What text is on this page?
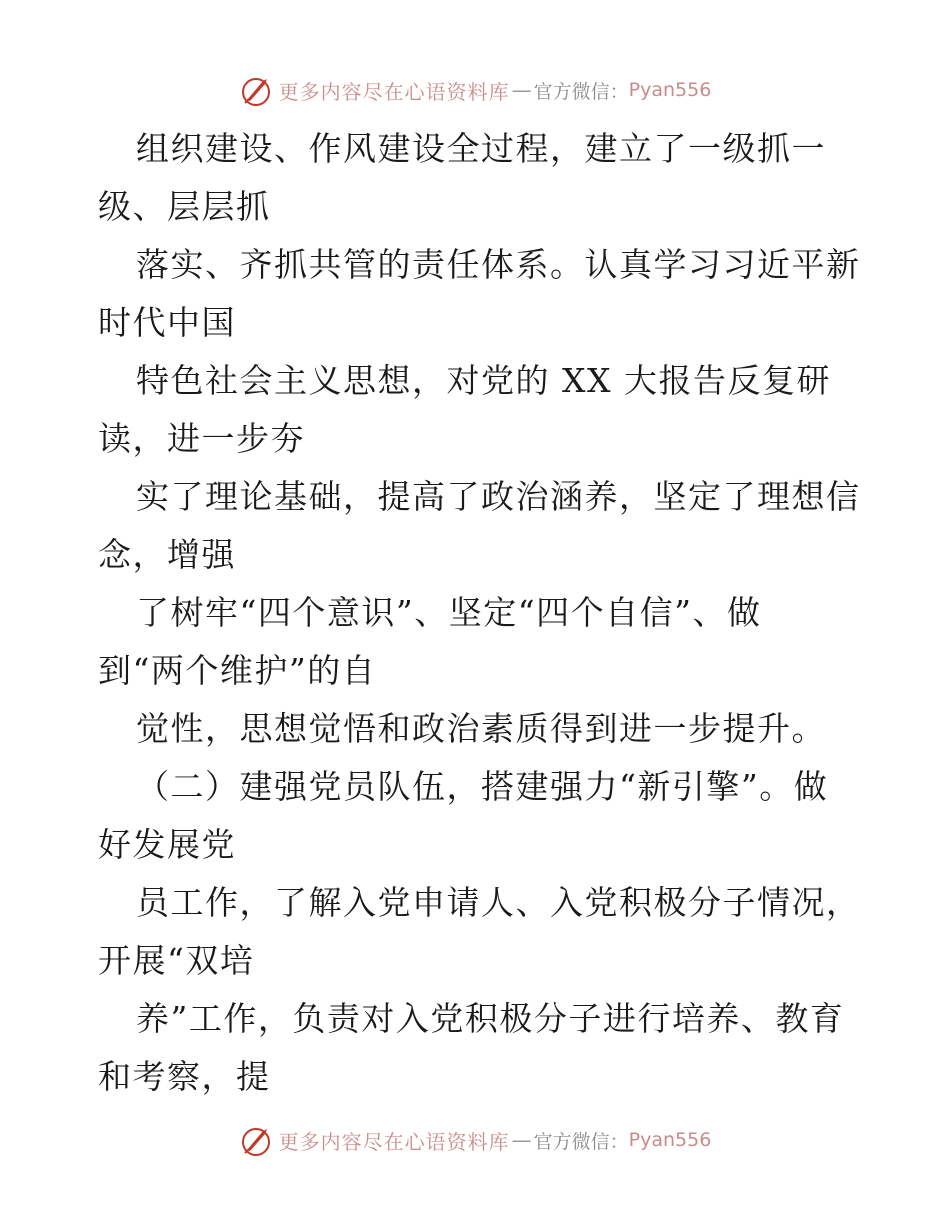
更多内容尽在心语资料库 — 官方微信： Pyan556
组织建设、作风建设全过程，建立了一级抓一
级、层层抓
落实、齐抓共管的责任体系。认真学习习近平新
时代中国
特色社会主义思想，对党的 XX 大报告反复研
读，进一步夯
实了理论基础，提高了政治涵养，坚定了理想信
念，增强
了树牢“四个意识”、坚定“四个自信”、做
到“两个维护”的自
觉性，思想觉悟和政治素质得到进一步提升。
（二）建强党员队伍，搭建强力“新引擎”。做
好发展党
员工作，了解入党申请人、入党积极分子情况，
开展“双培
养”工作，负责对入党积极分子进行培养、教育
和考察，提
更多内容尽在心语资料库 — 官方微信： Pyan556
